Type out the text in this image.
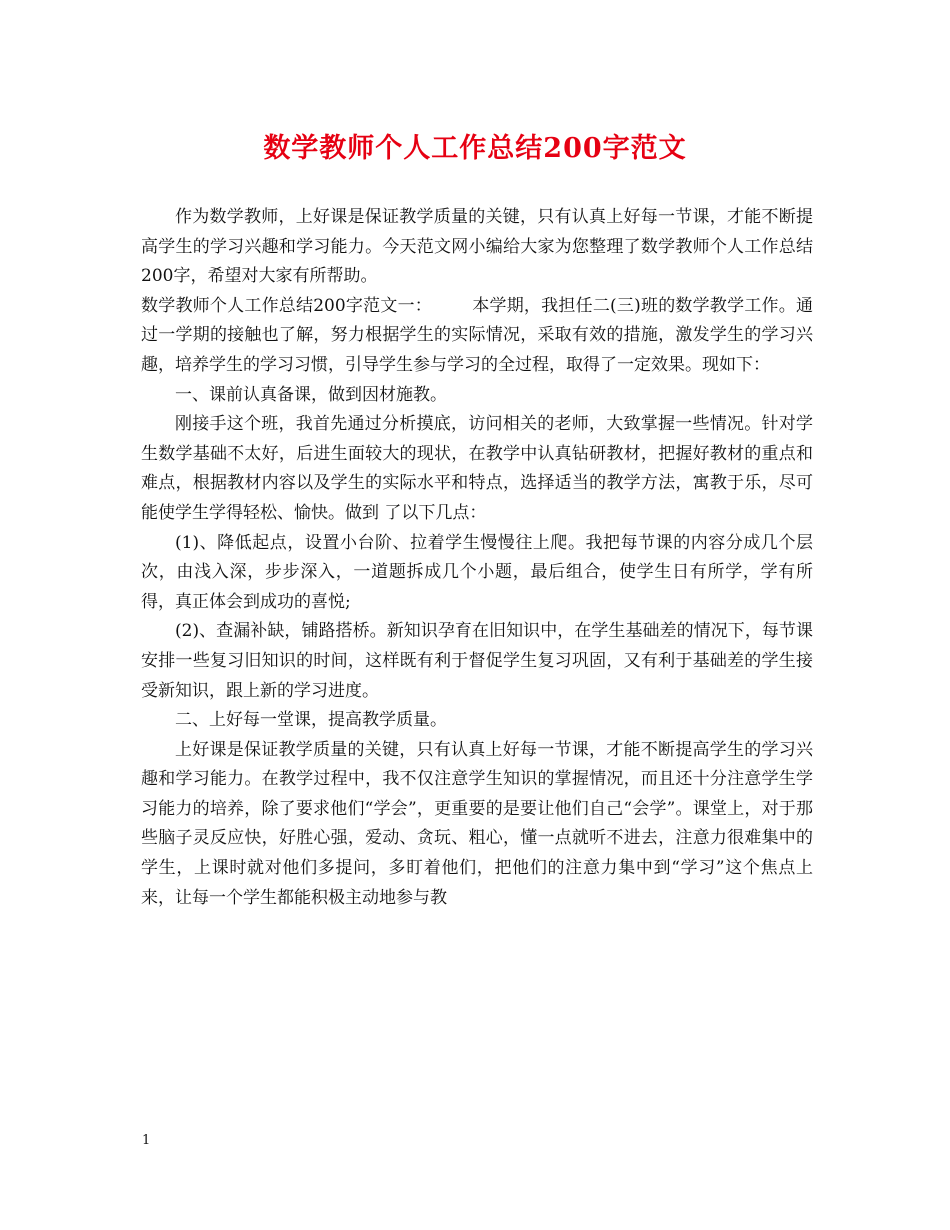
数学教师个人工作总结200字范文

作为数学教师，上好课是保证教学质量的关键，只有认真上好每一节课，才能不断提高学生的学习兴趣和学习能力。今天范文网小编给大家为您整理了数学教师个人工作总结200字，希望对大家有所帮助。

数学教师个人工作总结200字范文一： 本学期，我担任二(三)班的数学教学工作。通过一学期的接触也了解，努力根据学生的实际情况，采取有效的措施，激发学生的学习兴趣，培养学生的学习习惯，引导学生参与学习的全过程，取得了一定效果。现如下：

一、课前认真备课，做到因材施教。

刚接手这个班，我首先通过分析摸底，访问相关的老师，大致掌握一些情况。针对学生数学基础不太好，后进生面较大的现状，在教学中认真钻研教材，把握好教材的重点和难点，根据教材内容以及学生的实际水平和特点，选择适当的教学方法，寓教于乐，尽可能使学生学得轻松、愉快。做到 了以下几点：

(1)、降低起点，设置小台阶、拉着学生慢慢往上爬。我把每节课的内容分成几个层次，由浅入深，步步深入，一道题拆成几个小题，最后组合，使学生日有所学，学有所得，真正体会到成功的喜悦;

(2)、查漏补缺，铺路搭桥。新知识孕育在旧知识中，在学生基础差的情况下，每节课安排一些复习旧知识的时间，这样既有利于督促学生复习巩固，又有利于基础差的学生接受新知识，跟上新的学习进度。

二、上好每一堂课，提高教学质量。

上好课是保证教学质量的关键，只有认真上好每一节课，才能不断提高学生的学习兴趣和学习能力。在教学过程中，我不仅注意学生知识的掌握情况，而且还十分注意学生学习能力的培养，除了要求他们“学会”，更重要的是要让他们自己“会学”。课堂上，对于那些脑子灵反应快，好胜心强，爱动、贪玩、粗心，懂一点就听不进去，注意力很难集中的学生，上课时就对他们多提问，多盯着他们，把他们的注意力集中到“学习”这个焦点上来，让每一个学生都能积极主动地参与教

1
